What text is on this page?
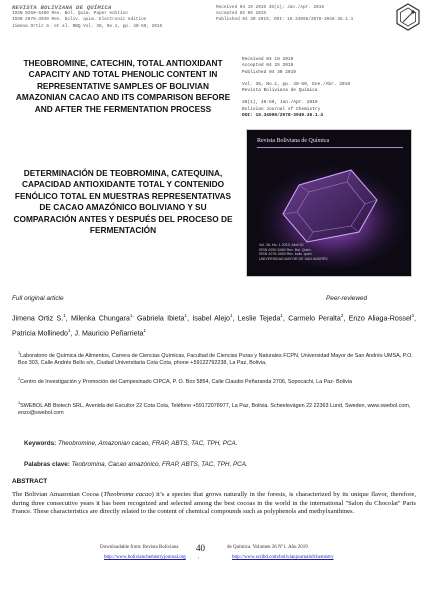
REVISTA BOLIVIANA DE QUÍMICA
ISSN 0250-5460 Rev. Bol. Quim. Paper edition
ISSN 2078-3949 Rev. boliv. quim. Electronic edition
Jimena Ortiz S. et al. RBQ Vol. 36, No.1, pp. 40-50, 2019
Received 04 19 2019 36(1); Jan./Apr. 2019
Accepted 02 06 2019
Published 04 30 2019; DOI: 10.34098/2078-3949.36.1.4
THEOBROMINE, CATECHIN, TOTAL ANTIOXIDANT CAPACITY AND TOTAL PHENOLIC CONTENT IN REPRESENTATIVE SAMPLES OF BOLIVIAN AMAZONIAN CACAO AND ITS COMPARISON BEFORE AND AFTER THE FERMENTATION PROCESS
DETERMINACIÓN DE TEOBROMINA, CATEQUINA, CAPACIDAD ANTIOXIDANTE TOTAL Y CONTENIDO FENÓLICO TOTAL EN MUESTRAS REPRESENTATIVAS DE CACAO AMAZÓNICO BOLIVIANO Y SU COMPARACIÓN ANTES Y DESPUÉS DEL PROCESO DE FERMENTACIÓN
Received 04 19 2019
Accepted 04 25 2019
Published 04 30 2019
Vol. 36, No.1, pp. 40-50, Ene./Abr. 2019
Revista Boliviana de Química
36(1), 40-50, Jan./Apr. 2019
Bolivian Journal of Chemistry
DOI: 10.34098/2078-3949.36.1.4
Revista Boliviana de Química
Vol. 36, No. 1 2019, Abril 30
ISSN 0250-5460 Rev. Bol. Quim.
ISSN 2078-3949 Rev. boliv. quim.
UNIVERSIDAD MAYOR DE SAN ANDRÉS
Full original article	Peer-reviewed
Jimena Ortiz S.$^1$, Milenka Chungara$^{1,}$ Gabriela Ibieta$^1$, Isabel Alejo$^1$, Leslie Tejeda$^1$, Carmelo Peralta$^2$, Enzo Aliaga-Rossel$^3$, Patricia Mollinedo$^1$, J. Mauricio Peñarrieta$^1$
$^1$Laboratorio de Química de Alimentos, Carrera de Ciencias Químicas, Facultad de Ciencias Puras y Naturales FCPN, Universidad Mayor de San Andrés UMSA, P.O. Box 303, Calle Andrés Bello s/n, Ciudad Universitaria Cota Cota, phone +59122792238, La Paz, Bolivia,
$^2$Centro de Investigación y Promoción del Campesinado CIPCA, P. O. Box 5854, Calle Claudio Peñaranda 2706, Sopocachi, La Paz- Bolivia
$^3$SWEBOL AB Biotech SRL. Avenida del Escultor 22 Cota Cota, Teléfono +59172078977, La Paz, Bolivia. Scheelevägen 22 22363 Lund, Sweden, www.swebol.com, enzo@swebol.com
Keywords: Theobromine, Amazonian cacao, FRAP, ABTS, TAC, TPH, PCA.
Palabras clave: Teobromina, Cacao amazónico, FRAP, ABTS, TAC, TPH, PCA.
ABSTRACT
The Bolivian Amazonian Cocoa (Theobroma cacao) it’s a species that grows naturally in the forests, is characterized by its unique flavor, therefore, during three consecutive years it has been recognized and selected among the best cocoas in the world in the international "Salon du Chocolat" Paris France. These characteristics are directly related to the content of chemical compounds such as polyphenols and methylxanthines.
Downloadable from: Revista Boliviana 40	de Química. Volumen 36 Nº1. Año 2019
http://www.bolivianchemistryjournal.org ,	http://www.scribd.com/bolivianjournalofchemistry
